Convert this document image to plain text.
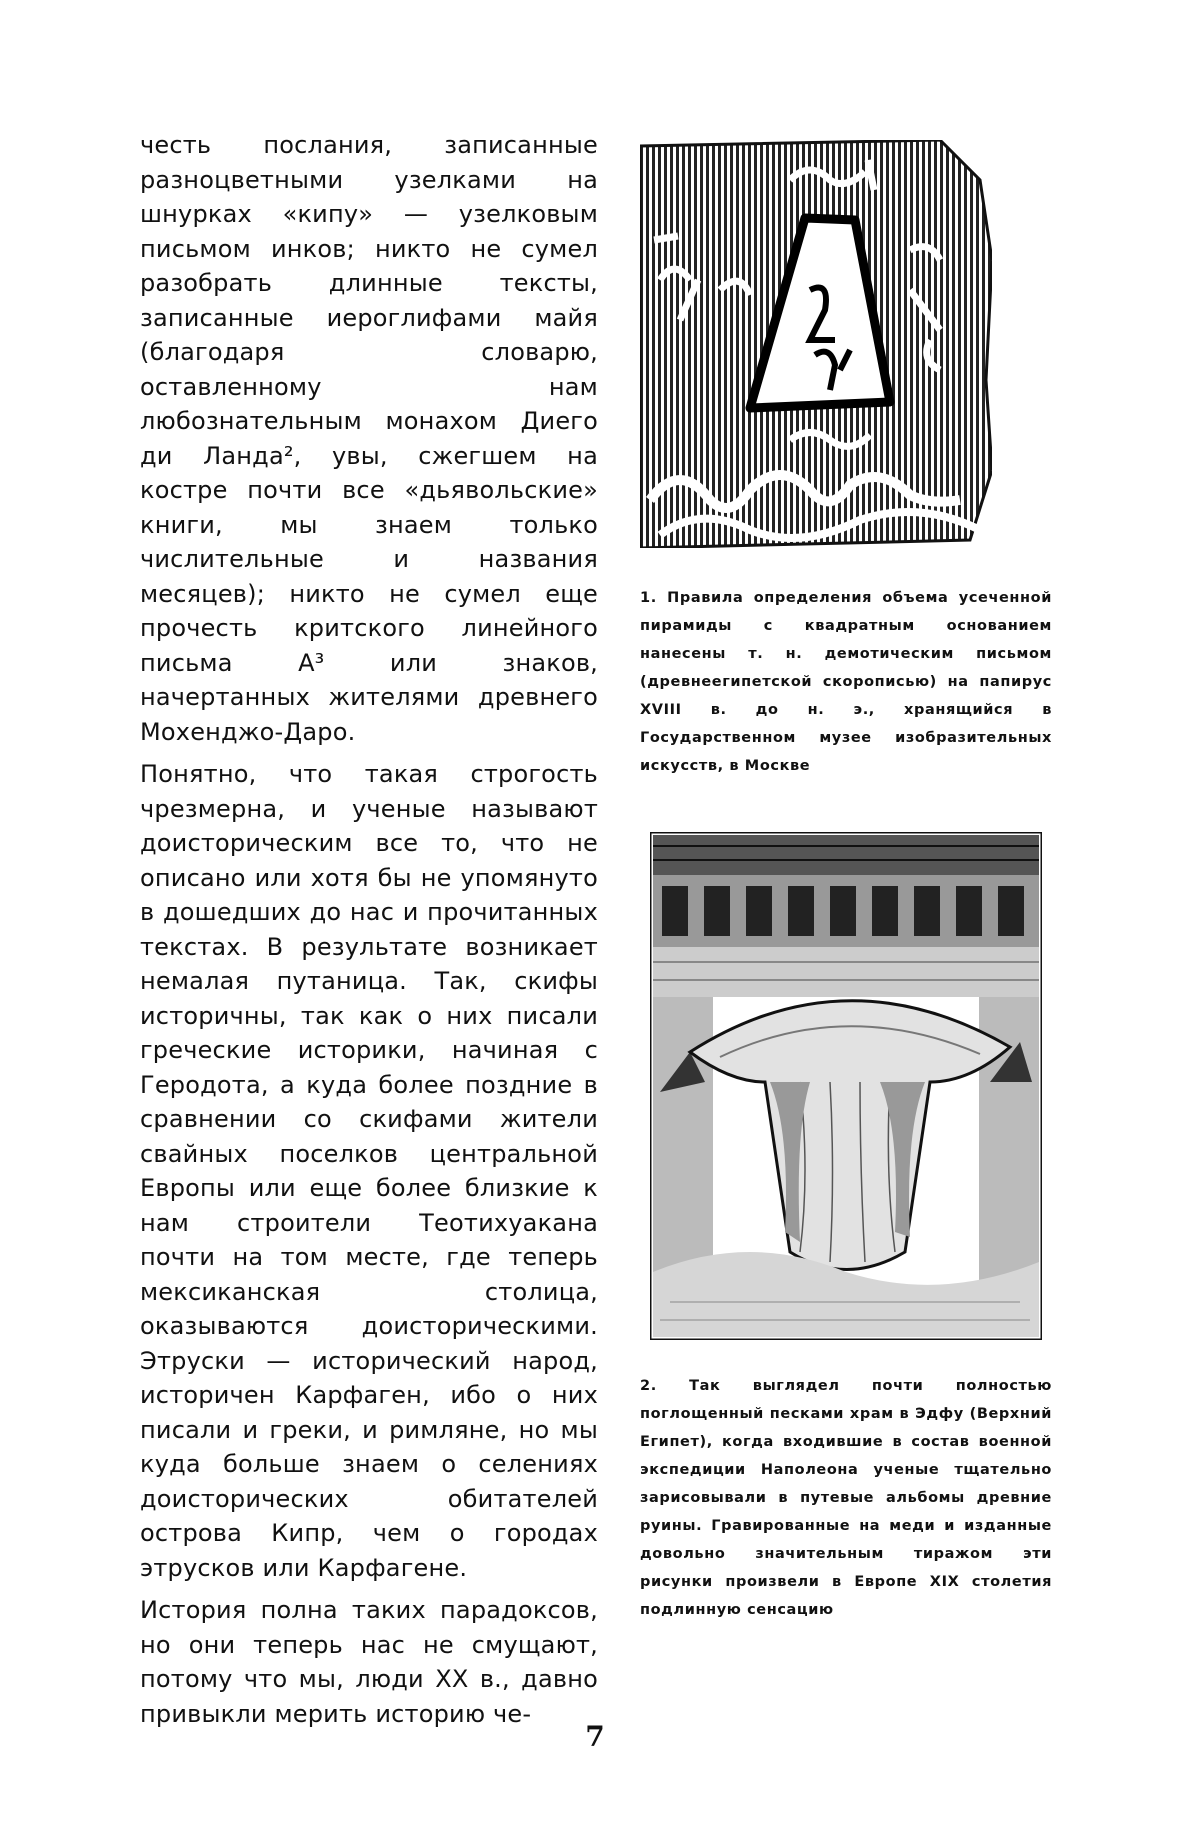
честь послания, записанные разноцветными узелками на шнурках «кипу» — узелковым письмом инков; никто не сумел разобрать длинные тексты, записанные иероглифами майя (благодаря словарю, оставленному нам любознательным монахом Диего ди Ланда², увы, сжегшем на костре почти все «дьявольские» книги, мы знаем только числительные и названия месяцев); никто не сумел еще прочесть критского линейного письма А³ или знаков, начертанных жителями древнего Мохенджо-Даро.

Понятно, что такая строгость чрезмерна, и ученые называют доисторическим все то, что не описано или хотя бы не упомянуто в дошедших до нас и прочитанных текстах. В результате возникает немалая путаница. Так, скифы историчны, так как о них писали греческие историки, начиная с Геродота, а куда более поздние в сравнении со скифами жители свайных поселков центральной Европы или еще более близкие к нам строители Теотихуакана почти на том месте, где теперь мексиканская столица, оказываются доисторическими. Этруски — исторический народ, историчен Карфаген, ибо о них писали и греки, и римляне, но мы куда больше знаем о селениях доисторических обитателей острова Кипр, чем о городах этрусков или Карфагене.

История полна таких парадоксов, но они теперь нас не смущают, потому что мы, люди XX в., давно привыкли мерить историю че-

1. Правила определения объема усеченной пирамиды с квадратным основанием нанесены т. н. демотическим письмом (древнеегипетской скорописью) на папирус XVIII в. до н. э., хранящийся в Государственном музее изобразительных искусств, в Москве
2. Так выглядел почти полностью поглощенный песками храм в Эдфу (Верхний Египет), когда входившие в состав военной экспедиции Наполеона ученые тщательно зарисовывали в путевые альбомы древние руины. Гравированные на меди и изданные довольно значительным тиражом эти рисунки произвели в Европе XIX столетия подлинную сенсацию
7
